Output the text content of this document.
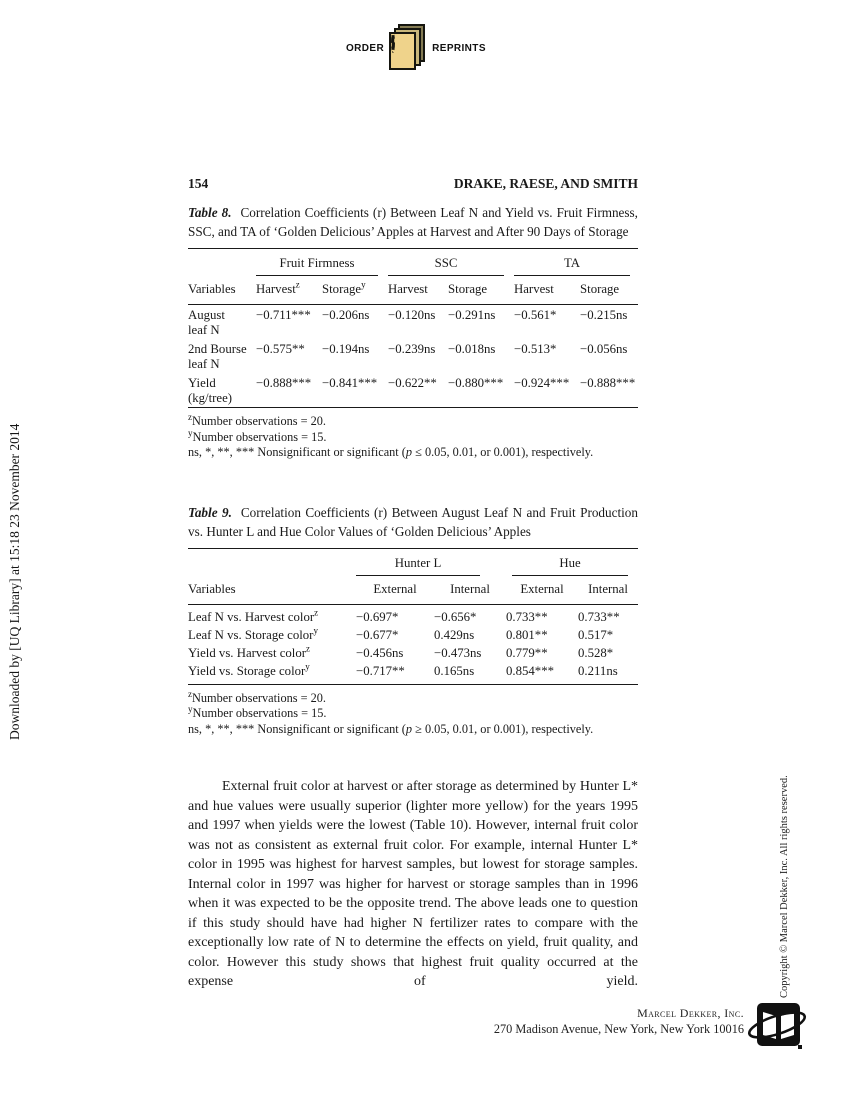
ORDER	REPRINTS
Downloaded by [UQ Library] at 15:18 23 November 2014
Copyright © Marcel Dekker, Inc. All rights reserved.
154	DRAKE, RAESE, AND SMITH

Table 8. Correlation Coefficients (r) Between Leaf N and Yield vs. Fruit Firmness, SSC, and TA of ‘Golden Delicious’ Apples at Harvest and After 90 Days of Storage

	Fruit Firmness		SSC		TA	

Variables	Harvest$^z$	Storage$^y$	Harvest	Storage	Harvest	Storage

August
leaf N	−0.711***	−0.206ns	−0.120ns	−0.291ns	−0.561*	−0.215ns

2nd Bourse
leaf N	−0.575**	−0.194ns	−0.239ns	−0.018ns	−0.513*	−0.056ns

Yield
(kg/tree)	−0.888***	−0.841***	−0.622**	−0.880***	−0.924***	−0.888***
$^z$Number observations = 20.
$^y$Number observations = 15.
ns, *, **, *** Nonsignificant or significant (p ≤ 0.05, 0.01, or 0.001), respectively.

Table 9. Correlation Coefficients (r) Between August Leaf N and Fruit Production vs. Hunter L and Hue Color Values of ‘Golden Delicious’ Apples

	Hunter L		Hue	

Variables	External	Internal	External	Internal
Leaf N vs. Harvest color$^z$	−0.697*	−0.656*	0.733**	0.733**
Leaf N vs. Storage color$^y$	−0.677*	0.429ns	0.801**	0.517*
Yield vs. Harvest color$^z$	−0.456ns	−0.473ns	0.779**	0.528*
Yield vs. Storage color$^y$	−0.717**	0.165ns	0.854***	0.211ns
$^z$Number observations = 20.
$^y$Number observations = 15.
ns, *, **, *** Nonsignificant or significant (p ≥ 0.05, 0.01, or 0.001), respectively.

External fruit color at harvest or after storage as determined by Hunter L* and hue values were usually superior (lighter more yellow) for the years 1995 and 1997 when yields were the lowest (Table 10). However, internal fruit color was not as consistent as external fruit color. For example, internal Hunter L* color in 1995 was highest for harvest samples, but lowest for storage samples. Internal color in 1997 was higher for harvest or storage samples than in 1996 when it was expected to be the opposite trend. The above leads one to question if this study should have had higher N fertilizer rates to compare with the exceptionally low rate of N to determine the effects on yield, fruit quality, and color. However this study shows that highest fruit quality occurred at the expense of yield.

Marcel Dekker, Inc.
270 Madison Avenue, New York, New York 10016
